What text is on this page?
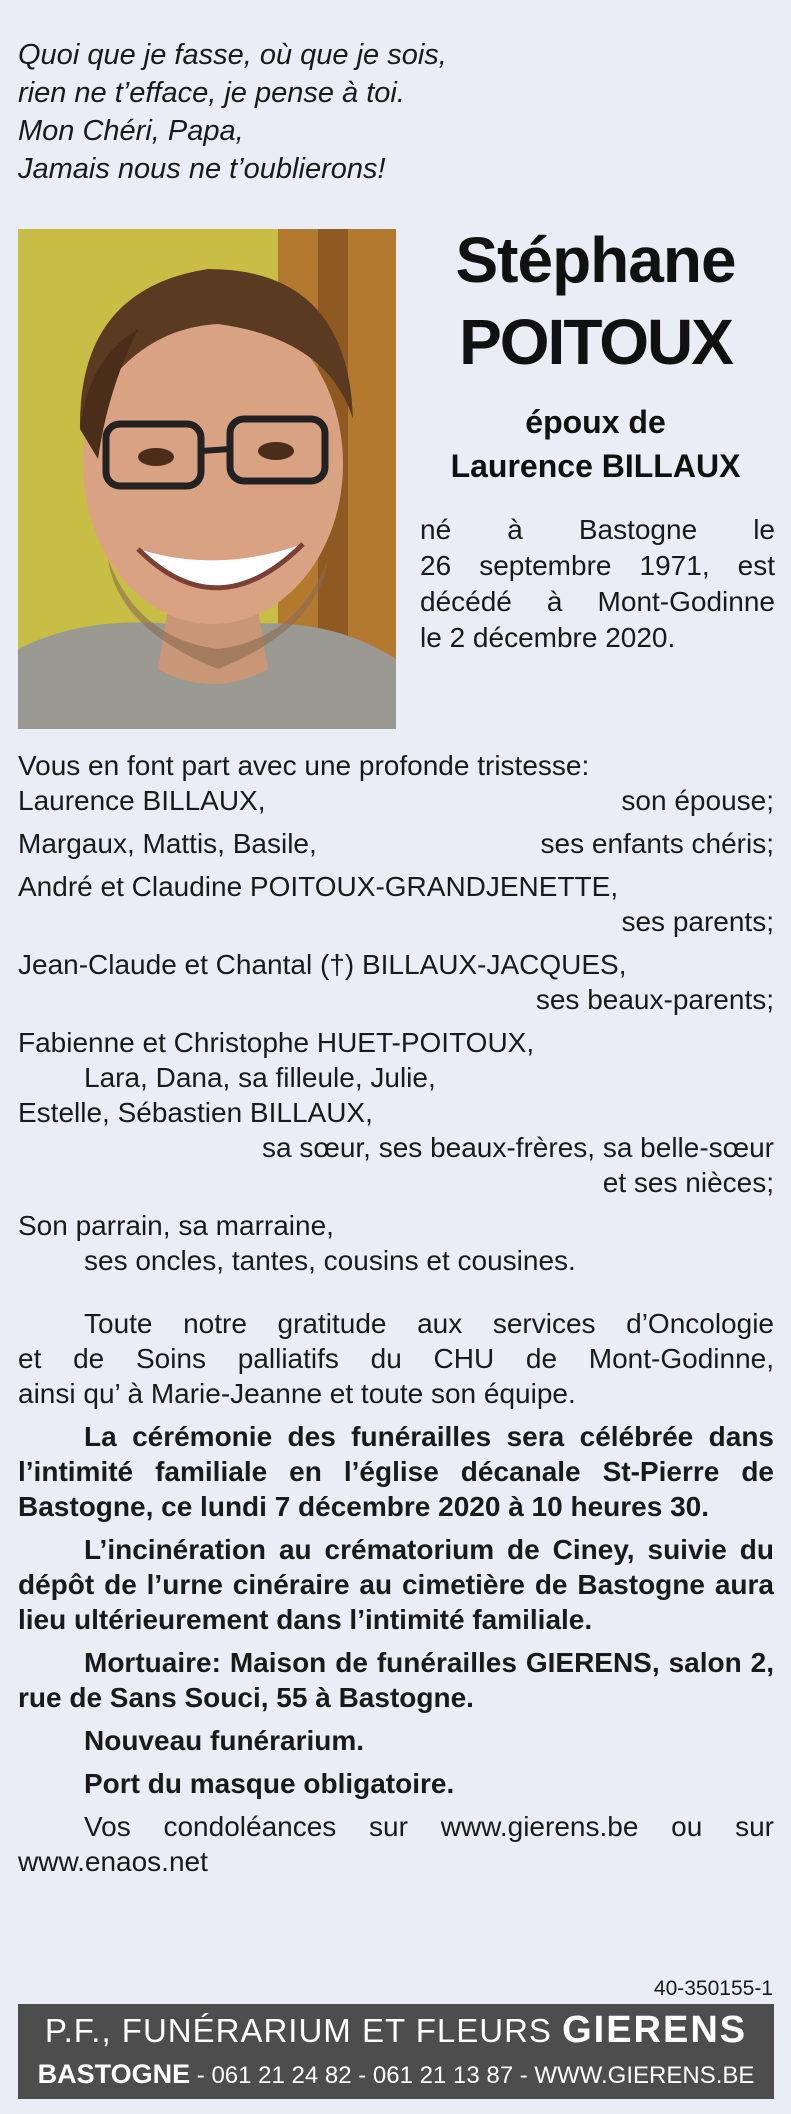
Quoi que je fasse, où que je sois,
rien ne t’efface, je pense à toi.
Mon Chéri, Papa,
Jamais nous ne t’oublierons!
Stéphane
POITOUX
époux de
Laurence BILLAUX
né à Bastogne le
26 septembre 1971, est
décédé à Mont-Godinne
le 2 décembre 2020.
Vous en font part avec une profonde tristesse:
Laurence BILLAUX,	son épouse;
Margaux, Mattis, Basile,	ses enfants chéris;
André et Claudine POITOUX-GRANDJENETTE,
ses parents;
Jean-Claude et Chantal (†) BILLAUX-JACQUES,
ses beaux-parents;
Fabienne et Christophe HUET-POITOUX,
Lara, Dana, sa filleule, Julie,
Estelle, Sébastien BILLAUX,
sa sœur, ses beaux-frères, sa belle-sœur
et ses nièces;
Son parrain, sa marraine,
ses oncles, tantes, cousins et cousines.
Toute notre gratitude aux services d’Oncologie
et de Soins palliatifs du CHU de Mont-Godinne,
ainsi qu’ à Marie-Jeanne et toute son équipe.
La cérémonie des funérailles sera célébrée dans
l’intimité familiale en l’église décanale St-Pierre de
Bastogne, ce lundi 7 décembre 2020 à 10 heures 30.
L’incinération au crématorium de Ciney, suivie du
dépôt de l’urne cinéraire au cimetière de Bastogne aura
lieu ultérieurement dans l’intimité familiale.
Mortuaire: Maison de funérailles GIERENS, salon 2,
rue de Sans Souci, 55 à Bastogne.
Nouveau funérarium.
Port du masque obligatoire.
Vos condoléances sur www.gierens.be ou sur
www.enaos.net
40-350155-1
P.F., FUNÉRARIUM ET FLEURS GIERENS
BASTOGNE - 061 21 24 82 - 061 21 13 87 - WWW.GIERENS.BE
